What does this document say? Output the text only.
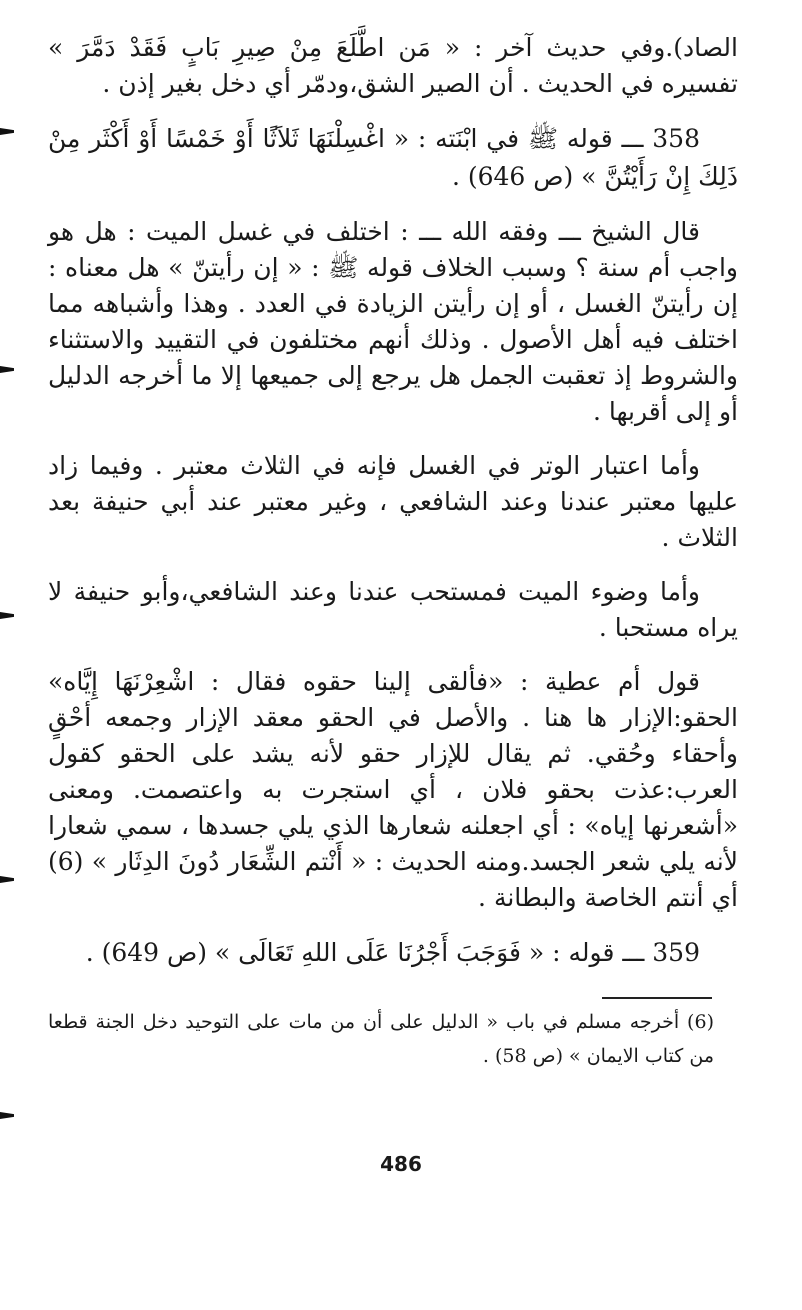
الصاد).وفي حديث آخر : « مَن اطَّلَعَ مِنْ صِيرِ بَابٍ فَقَدْ دَمَّرَ » تفسيره في الحديث . أن الصير الشق،ودمّر أي دخل بغير إذن .

358 ـــ قوله ﷺ في ابْنَته : « اغْسِلْنَهَا ثَلاَثًا أَوْ خَمْسًا أَوْ أَكْثَر مِنْ ذَلِكَ إِنْ رَأَيْتُنَّ » (ص 646) .

قال الشيخ ـــ وفقه الله ـــ : اختلف في غسل الميت : هل هو واجب أم سنة ؟ وسبب الخلاف قوله ﷺ : « إن رأيتنّ » هل معناه : إن رأيتنّ الغسل ، أو إن رأيتن الزيادة في العدد . وهذا وأشباهه مما اختلف فيه أهل الأصول . وذلك أنهم مختلفون في التقييد والاستثناء والشروط إذ تعقبت الجمل هل يرجع إلى جميعها إلا ما أخرجه الدليل أو إلى أقربها .

وأما اعتبار الوتر في الغسل فإنه في الثلاث معتبر . وفيما زاد عليها معتبر عندنا وعند الشافعي ، وغير معتبر عند أبي حنيفة بعد الثلاث .

وأما وضوء الميت فمستحب عندنا وعند الشافعي،وأبو حنيفة لا يراه مستحبا .

قول أم عطية : «فألقى إلينا حقوه فقال : اشْعِرْنَهَا إِيَّاه» الحقو:الإزار ها هنا . والأصل في الحقو معقد الإزار وجمعه أحْقٍ وأحقاء وحُقي. ثم يقال للإزار حقو لأنه يشد على الحقو كقول العرب:عذت بحقو فلان ، أي استجرت به واعتصمت. ومعنى «أشعرنها إياه» : أي اجعلنه شعارها الذي يلي جسدها ، سمي شعارا لأنه يلي شعر الجسد.ومنه الحديث : « أَنْتم الشِّعَار دُونَ الدِثَار » (6) أي أنتم الخاصة والبطانة .

359 ـــ قوله : « فَوَجَبَ أَجْرُنَا عَلَى اللهِ تَعَالَى » (ص 649) .

(6) أخرجه مسلم في باب « الدليل على أن من مات على التوحيد دخل الجنة قطعا من كتاب الايمان » (ص 58) .
486
